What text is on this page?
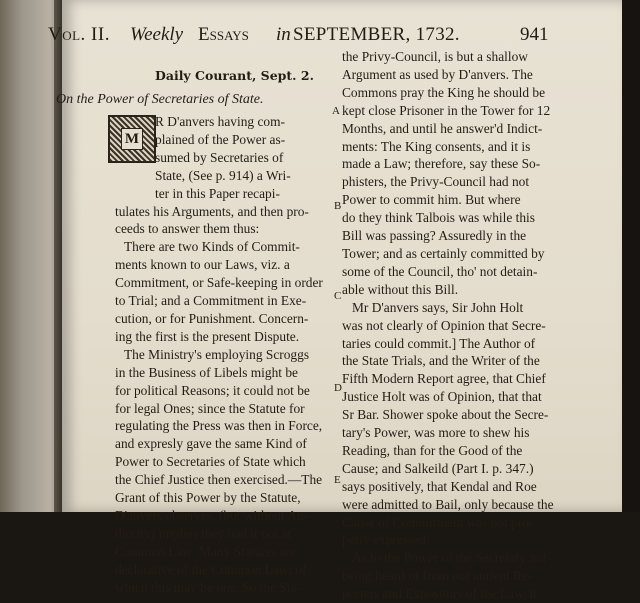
Vol. II. Weekly Essays in SEPTEMBER, 1732.	941
Daily Courant, Sept. 2.
On the Power of Secretaries of State.
M
R D'anvers having com-
plained of the Power as-
sumed by Secretaries of
State, (See p. 914) a Wri-
ter in this Paper recapi-
tulates his Arguments, and then pro-
ceeds to answer them thus:
There are two Kinds of Commit-
ments known to our Laws, viz. a
Commitment, or Safe-keeping in order
to Trial; and a Commitment in Exe-
cution, or for Punishment. Concern-
ing the first is the present Dispute.
The Ministry's employing Scroggs
in the Business of Libels might be
for political Reasons; it could not be
for legal Ones; since the Statute for
regulating the Press was then in Force,
and expresly gave the same Kind of
Power to Secretaries of State which
the Chief Justice then exercised.—The
Grant of this Power by the Statute,
D'anvers observes, (but without Au-
thority) implies they had it not at
Common Law: Many Statutes are
declarative of the Common Law; of
which this may be one. So the Sta-
the Privy-Council, is but a shallow
Argument as used by D'anvers. The
Commons pray the King he should be
kept close Prisoner in the Tower for 12
Months, and until he answer'd Indict-
ments: The King consents, and it is
made a Law; therefore, say these So-
phisters, the Privy-Council had not
Power to commit him. But where
do they think Talbois was while this
Bill was passing? Assuredly in the
Tower; and as certainly committed by
some of the Council, tho' not detain-
able without this Bill.
Mr D'anvers says, Sir John Holt
was not clearly of Opinion that Secre-
taries could commit.] The Author of
the State Trials, and the Writer of the
Fifth Modern Report agree, that Chief
Justice Holt was of Opinion, that that
Sr Bar. Shower spoke about the Secre-
tary's Power, was more to shew his
Reading, than for the Good of the
Cause; and Salkeild (Part I. p. 347.)
says positively, that Kendal and Roe
were admitted to Bail, only because the
Cause of Commitment was not pro-
perly expressed.
As to the Power of the Secretary not
being heard of from our antient Re-
porters and Expositors of the Law, it
A
B
C
D
E
